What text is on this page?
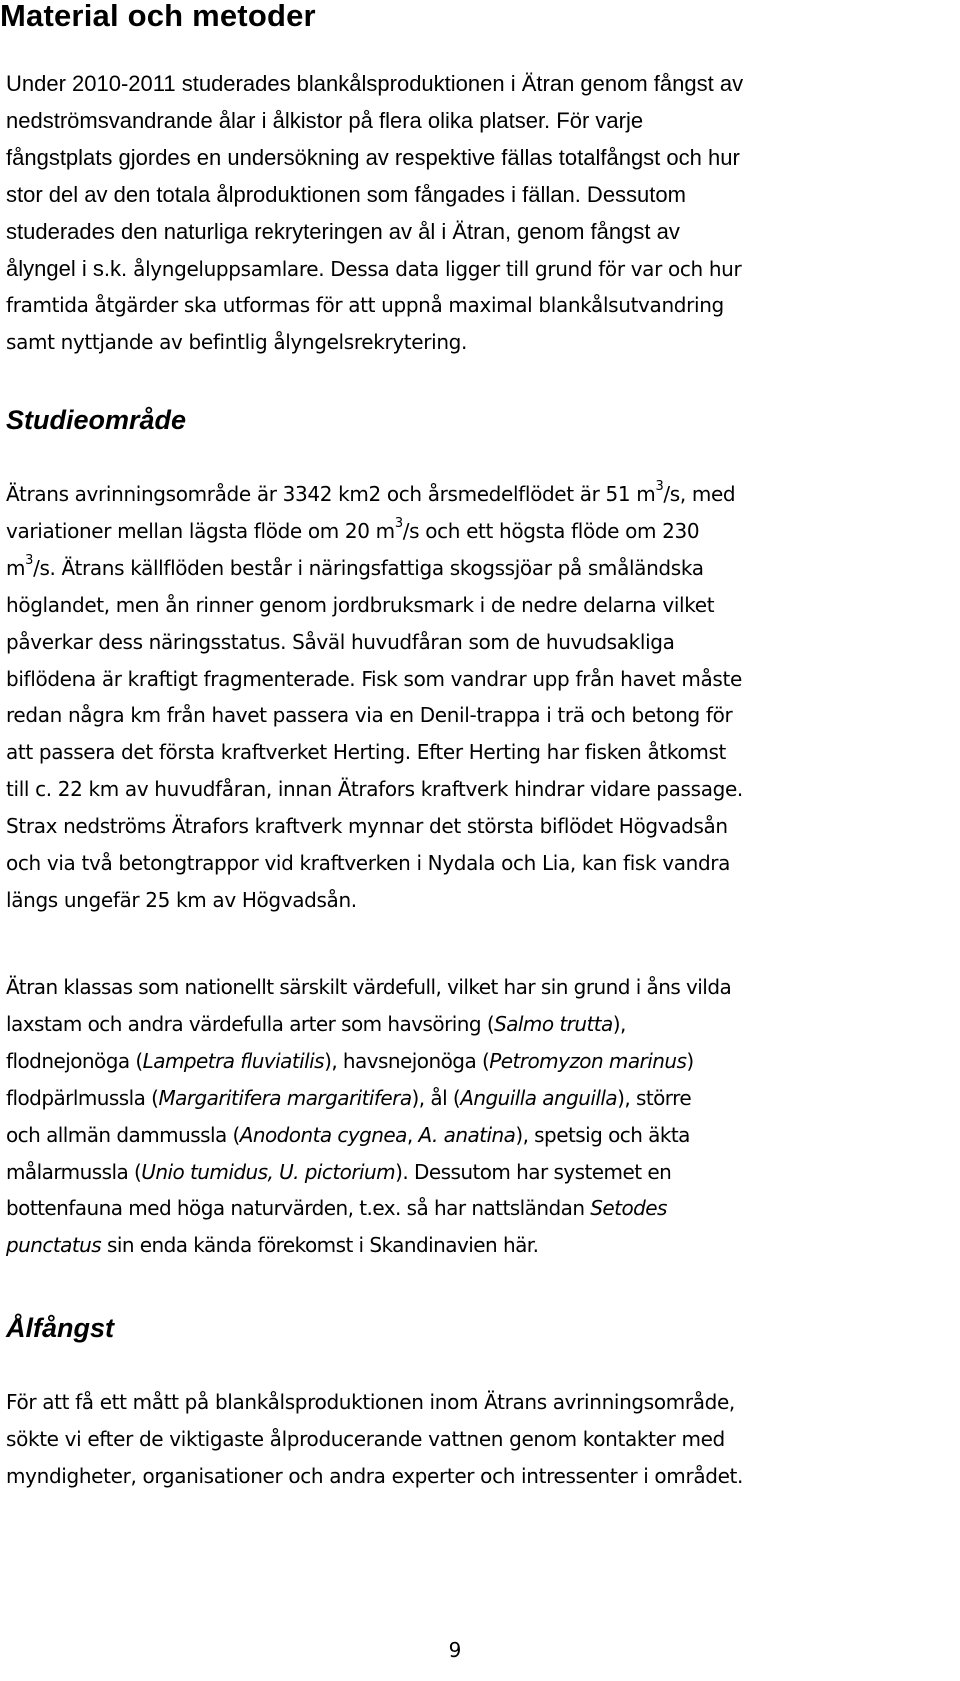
Material och metoder

Under 2010-2011 studerades blankålsproduktionen i Ätran genom fångst av
nedströmsvandrande ålar i ålkistor på flera olika platser. För varje
fångstplats gjordes en undersökning av respektive fällas totalfångst och hur
stor del av den totala ålproduktionen som fångades i fällan. Dessutom
studerades den naturliga rekryteringen av ål i Ätran, genom fångst av
ålyngel i s.k. ålyngeluppsamlare. Dessa data ligger till grund för var och hur
framtida åtgärder ska utformas för att uppnå maximal blankålsutvandring
samt nyttjande av befintlig ålyngelsrekrytering.

Studieområde

Ätrans avrinningsområde är 3342 km2 och årsmedelflödet är 51 $m^3/s$, med
variationer mellan lägsta flöde om 20 $m^3/s$ och ett högsta flöde om 230
$m^3/s$. Ätrans källflöden består i näringsfattiga skogssjöar på småländska
höglandet, men ån rinner genom jordbruksmark i de nedre delarna vilket
påverkar dess näringsstatus. Såväl huvudfåran som de huvudsakliga
biflödena är kraftigt fragmenterade. Fisk som vandrar upp från havet måste
redan några km från havet passera via en Denil-trappa i trä och betong för
att passera det första kraftverket Herting. Efter Herting har fisken åtkomst
till c. 22 km av huvudfåran, innan Ätrafors kraftverk hindrar vidare passage.
Strax nedströms Ätrafors kraftverk mynnar det största biflödet Högvadsån
och via två betongtrappor vid kraftverken i Nydala och Lia, kan fisk vandra
längs ungefär 25 km av Högvadsån.

Ätran klassas som nationellt särskilt värdefull, vilket har sin grund i åns vilda
laxstam och andra värdefulla arter som havsöring (Salmo trutta),
flodnejonöga (Lampetra fluviatilis), havsnejonöga (Petromyzon marinus)
flodpärlmussla (Margaritifera margaritifera), ål (Anguilla anguilla), större
och allmän dammussla (Anodonta cygnea, A. anatina), spetsig och äkta
målarmussla (Unio tumidus, U. pictorium). Dessutom har systemet en
bottenfauna med höga naturvärden, t.ex. så har nattsländan Setodes
punctatus sin enda kända förekomst i Skandinavien här.

Ålfångst

För att få ett mått på blankålsproduktionen inom Ätrans avrinningsområde,
sökte vi efter de viktigaste ålproducerande vattnen genom kontakter med
myndigheter, organisationer och andra experter och intressenter i området.

9
